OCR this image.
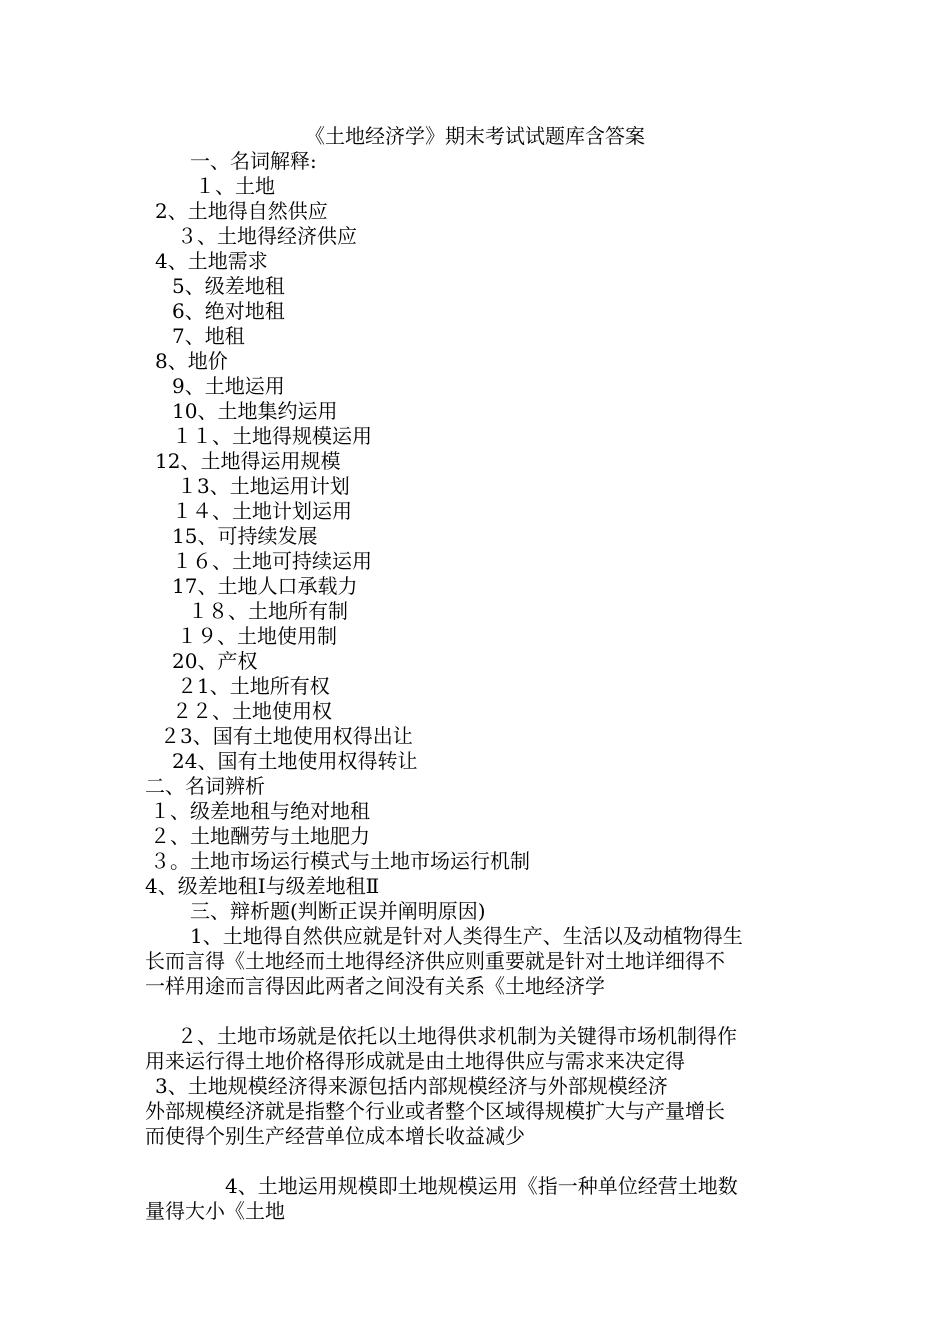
《土地经济学》期末考试试题库含答案
一、名词解释:
１、土地
2、土地得自然供应
３、土地得经济供应
4、土地需求
5、级差地租
6、绝对地租
7、地租
8、地价
9、土地运用
10、土地集约运用
１１、土地得规模运用
12、土地得运用规模
１3、土地运用计划
１４、土地计划运用
15、可持续发展
１６、土地可持续运用
17、土地人口承载力
１８、土地所有制
１９、土地使用制
20、产权
２1、土地所有权
２２、土地使用权
２3、国有土地使用权得出让
24、国有土地使用权得转让
二、名词辨析
１、级差地租与绝对地租
２、土地酬劳与土地肥力
３。土地市场运行模式与土地市场运行机制
4、级差地租Ⅰ与级差地租Ⅱ
三、辩析题(判断正误并阐明原因)
1、土地得自然供应就是针对人类得生产、生活以及动植物得生
长而言得《土地经而土地得经济供应则重要就是针对土地详细得不
一样用途而言得因此两者之间没有关系《土地经济学
２、土地市场就是依托以土地得供求机制为关键得市场机制得作
用来运行得土地价格得形成就是由土地得供应与需求来决定得
3、土地规模经济得来源包括内部规模经济与外部规模经济
外部规模经济就是指整个行业或者整个区域得规模扩大与产量增长
而使得个别生产经营单位成本增长收益减少
4、土地运用规模即土地规模运用《指一种单位经营土地数
量得大小《土地
